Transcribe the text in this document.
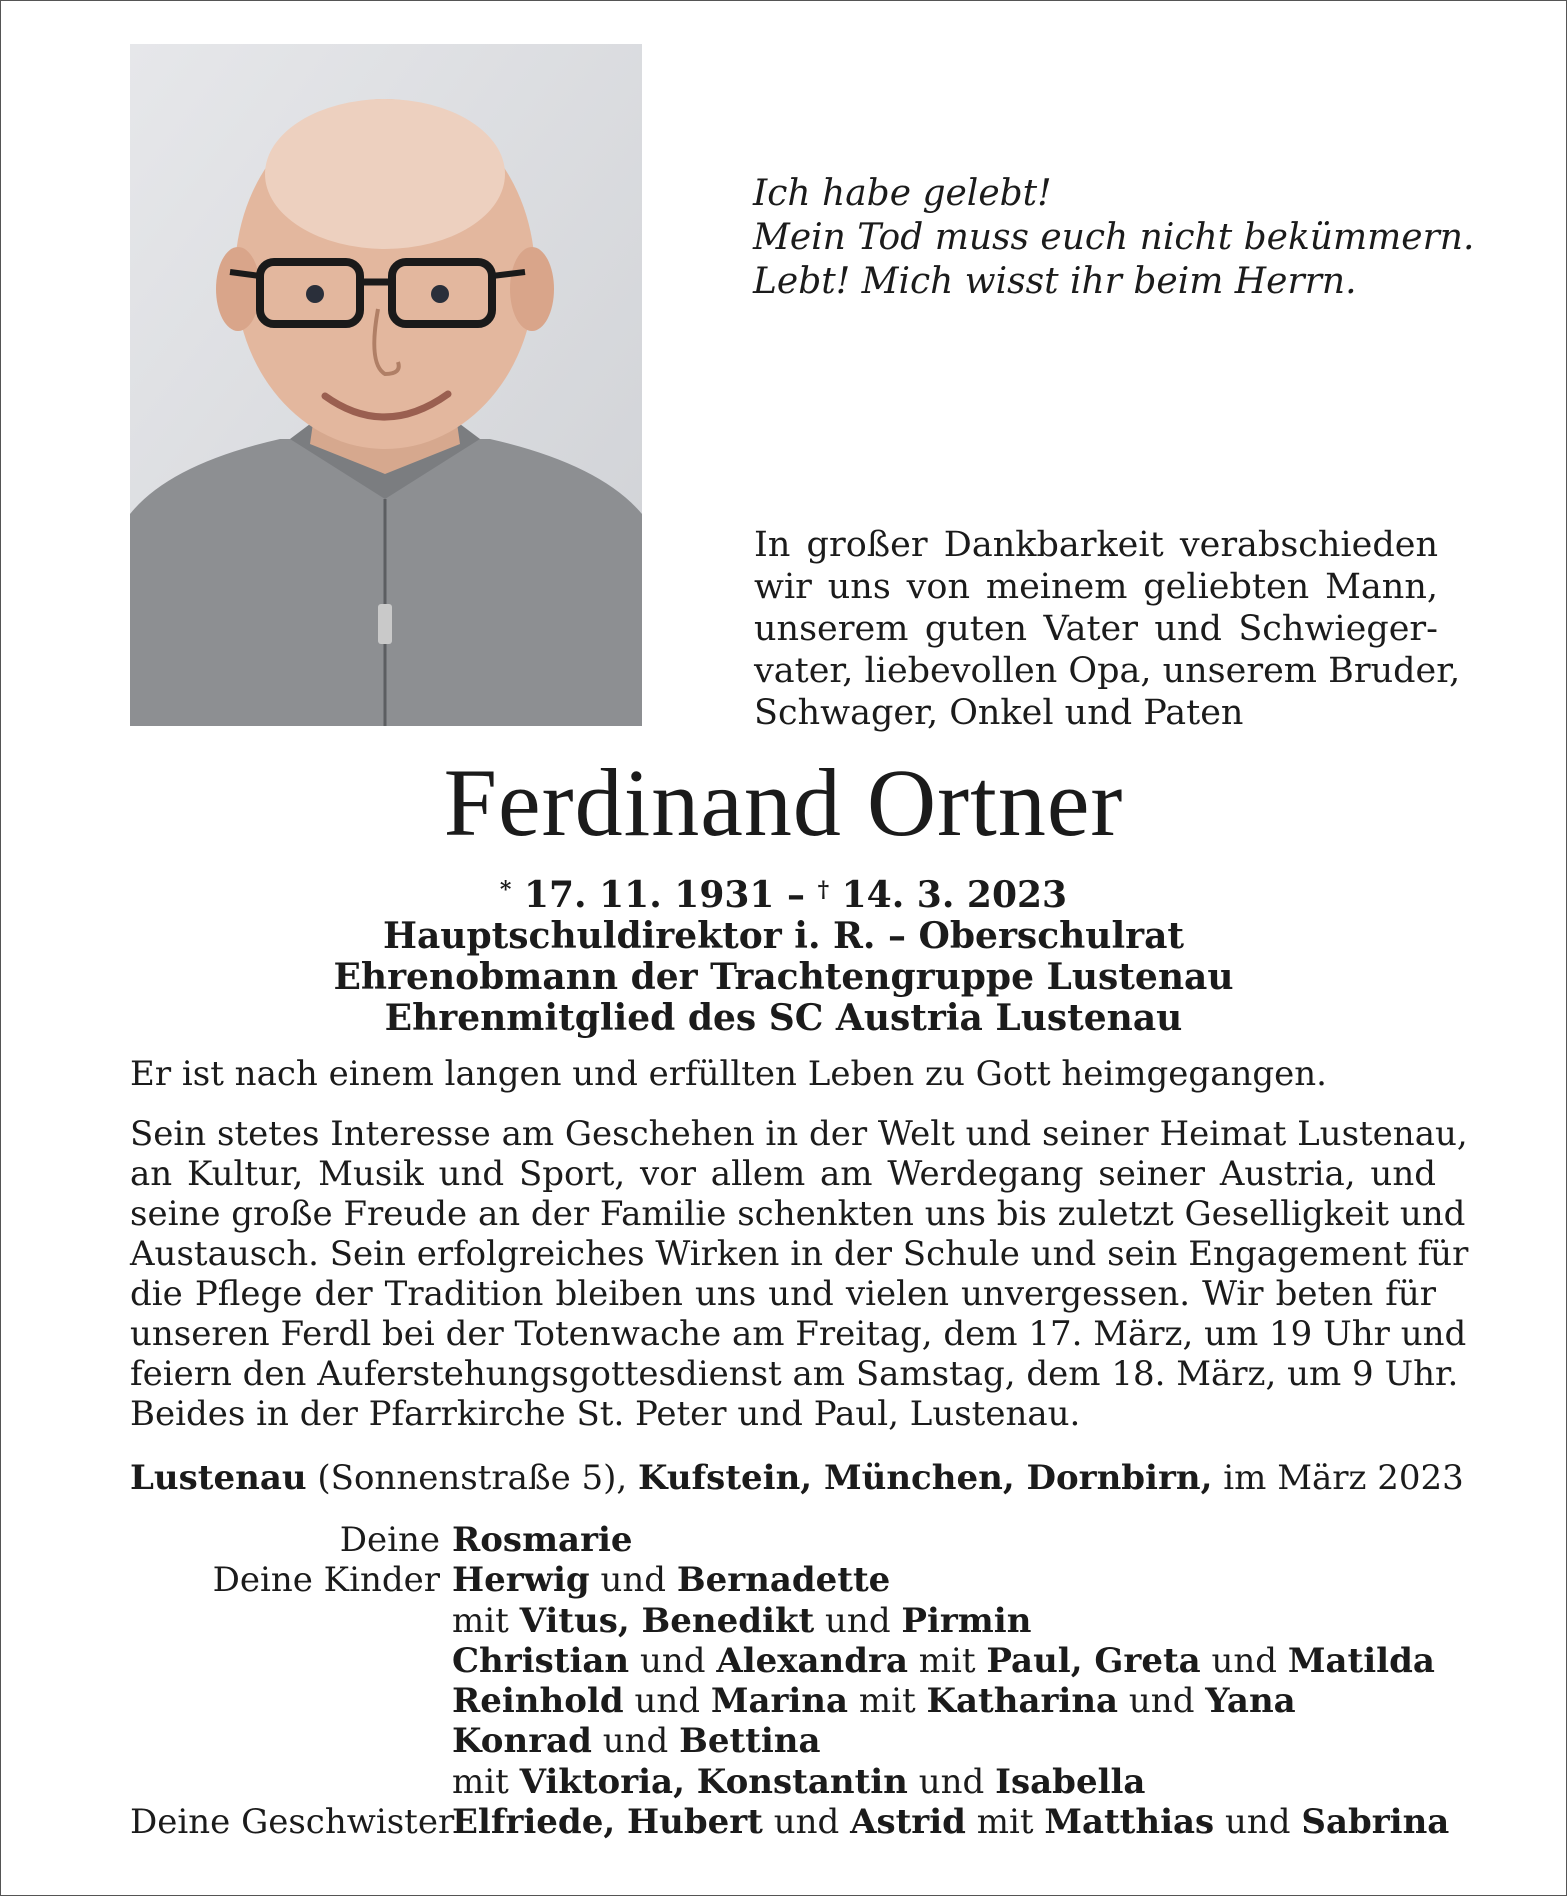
Ich habe gelebt!
Mein Tod muss euch nicht bekümmern.
Lebt! Mich wisst ihr beim Herrn.
In großer Dankbarkeit verabschieden
wir uns von meinem geliebten Mann,
unserem guten Vater und Schwieger-
vater, liebevollen Opa, unserem Bruder,
Schwager, Onkel und Paten
Ferdinand Ortner
* 17. 11. 1931 – † 14. 3. 2023
Hauptschuldirektor i. R. – Oberschulrat
Ehrenobmann der Trachtengruppe Lustenau
Ehrenmitglied des SC Austria Lustenau
Er ist nach einem langen und erfüllten Leben zu Gott heimgegangen.
Sein stetes Interesse am Geschehen in der Welt und seiner Heimat Lustenau,
an Kultur, Musik und Sport, vor allem am Werdegang seiner Austria, und
seine große Freude an der Familie schenkten uns bis zuletzt Geselligkeit und
Austausch. Sein erfolgreiches Wirken in der Schule und sein Engagement für
die Pflege der Tradition bleiben uns und vielen unvergessen. Wir beten für
unseren Ferdl bei der Totenwache am Freitag, dem 17. März, um 19 Uhr und
feiern den Auferstehungsgottesdienst am Samstag, dem 18. März, um 9 Uhr.
Beides in der Pfarrkirche St. Peter und Paul, Lustenau.
Lustenau (Sonnenstraße 5), Kufstein, München, Dornbirn, im März 2023
Deine Rosmarie
Deine Kinder Herwig und Bernadette
mit Vitus, Benedikt und Pirmin
Christian und Alexandra mit Paul, Greta und Matilda
Reinhold und Marina mit Katharina und Yana
Konrad und Bettina
mit Viktoria, Konstantin und Isabella
Deine Geschwister
Elfriede, Hubert und Astrid mit Matthias und Sabrina
